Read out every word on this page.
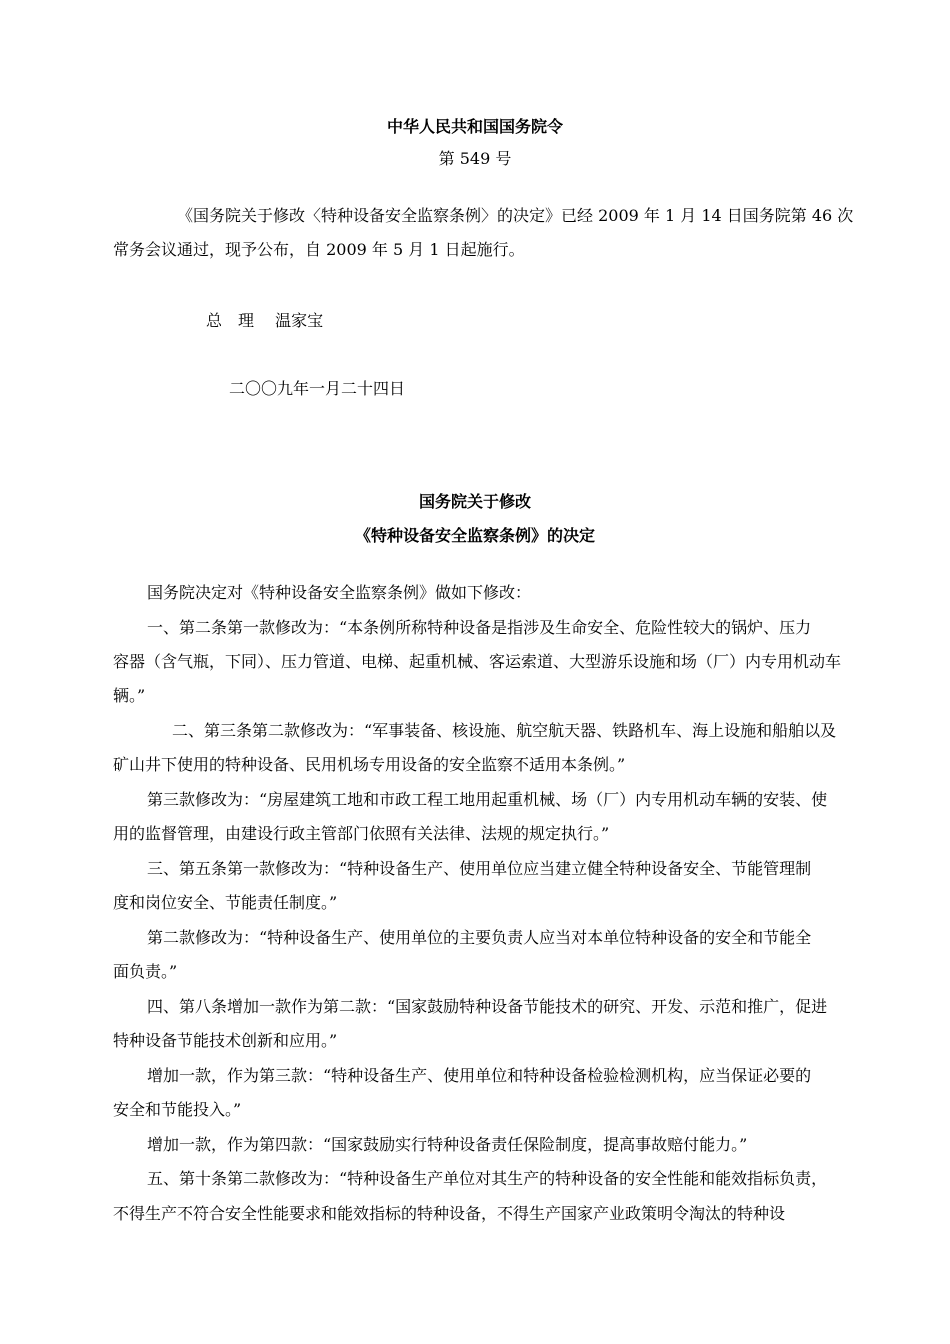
中华人民共和国国务院令
第 549 号
《国务院关于修改〈特种设备安全监察条例〉的决定》已经 2009 年 1 月 14 日国务院第 46 次
常务会议通过，现予公布，自 2009 年 5 月 1 日起施行。
总　理　 温家宝
二〇〇九年一月二十四日
国务院关于修改
《特种设备安全监察条例》的决定
国务院决定对《特种设备安全监察条例》做如下修改：
一、第二条第一款修改为：“本条例所称特种设备是指涉及生命安全、危险性较大的锅炉、压力
容器（含气瓶，下同）、压力管道、电梯、起重机械、客运索道、大型游乐设施和场（厂）内专用机动车
辆。”
二、第三条第二款修改为：“军事装备、核设施、航空航天器、铁路机车、海上设施和船舶以及
矿山井下使用的特种设备、民用机场专用设备的安全监察不适用本条例。”
第三款修改为：“房屋建筑工地和市政工程工地用起重机械、场（厂）内专用机动车辆的安装、使
用的监督管理，由建设行政主管部门依照有关法律、法规的规定执行。”
三、第五条第一款修改为：“特种设备生产、使用单位应当建立健全特种设备安全、节能管理制
度和岗位安全、节能责任制度。”
第二款修改为：“特种设备生产、使用单位的主要负责人应当对本单位特种设备的安全和节能全
面负责。”
四、第八条增加一款作为第二款：“国家鼓励特种设备节能技术的研究、开发、示范和推广，促进
特种设备节能技术创新和应用。”
增加一款，作为第三款：“特种设备生产、使用单位和特种设备检验检测机构，应当保证必要的
安全和节能投入。”
增加一款，作为第四款：“国家鼓励实行特种设备责任保险制度，提高事故赔付能力。”
五、第十条第二款修改为：“特种设备生产单位对其生产的特种设备的安全性能和能效指标负责，
不得生产不符合安全性能要求和能效指标的特种设备，不得生产国家产业政策明令淘汰的特种设
